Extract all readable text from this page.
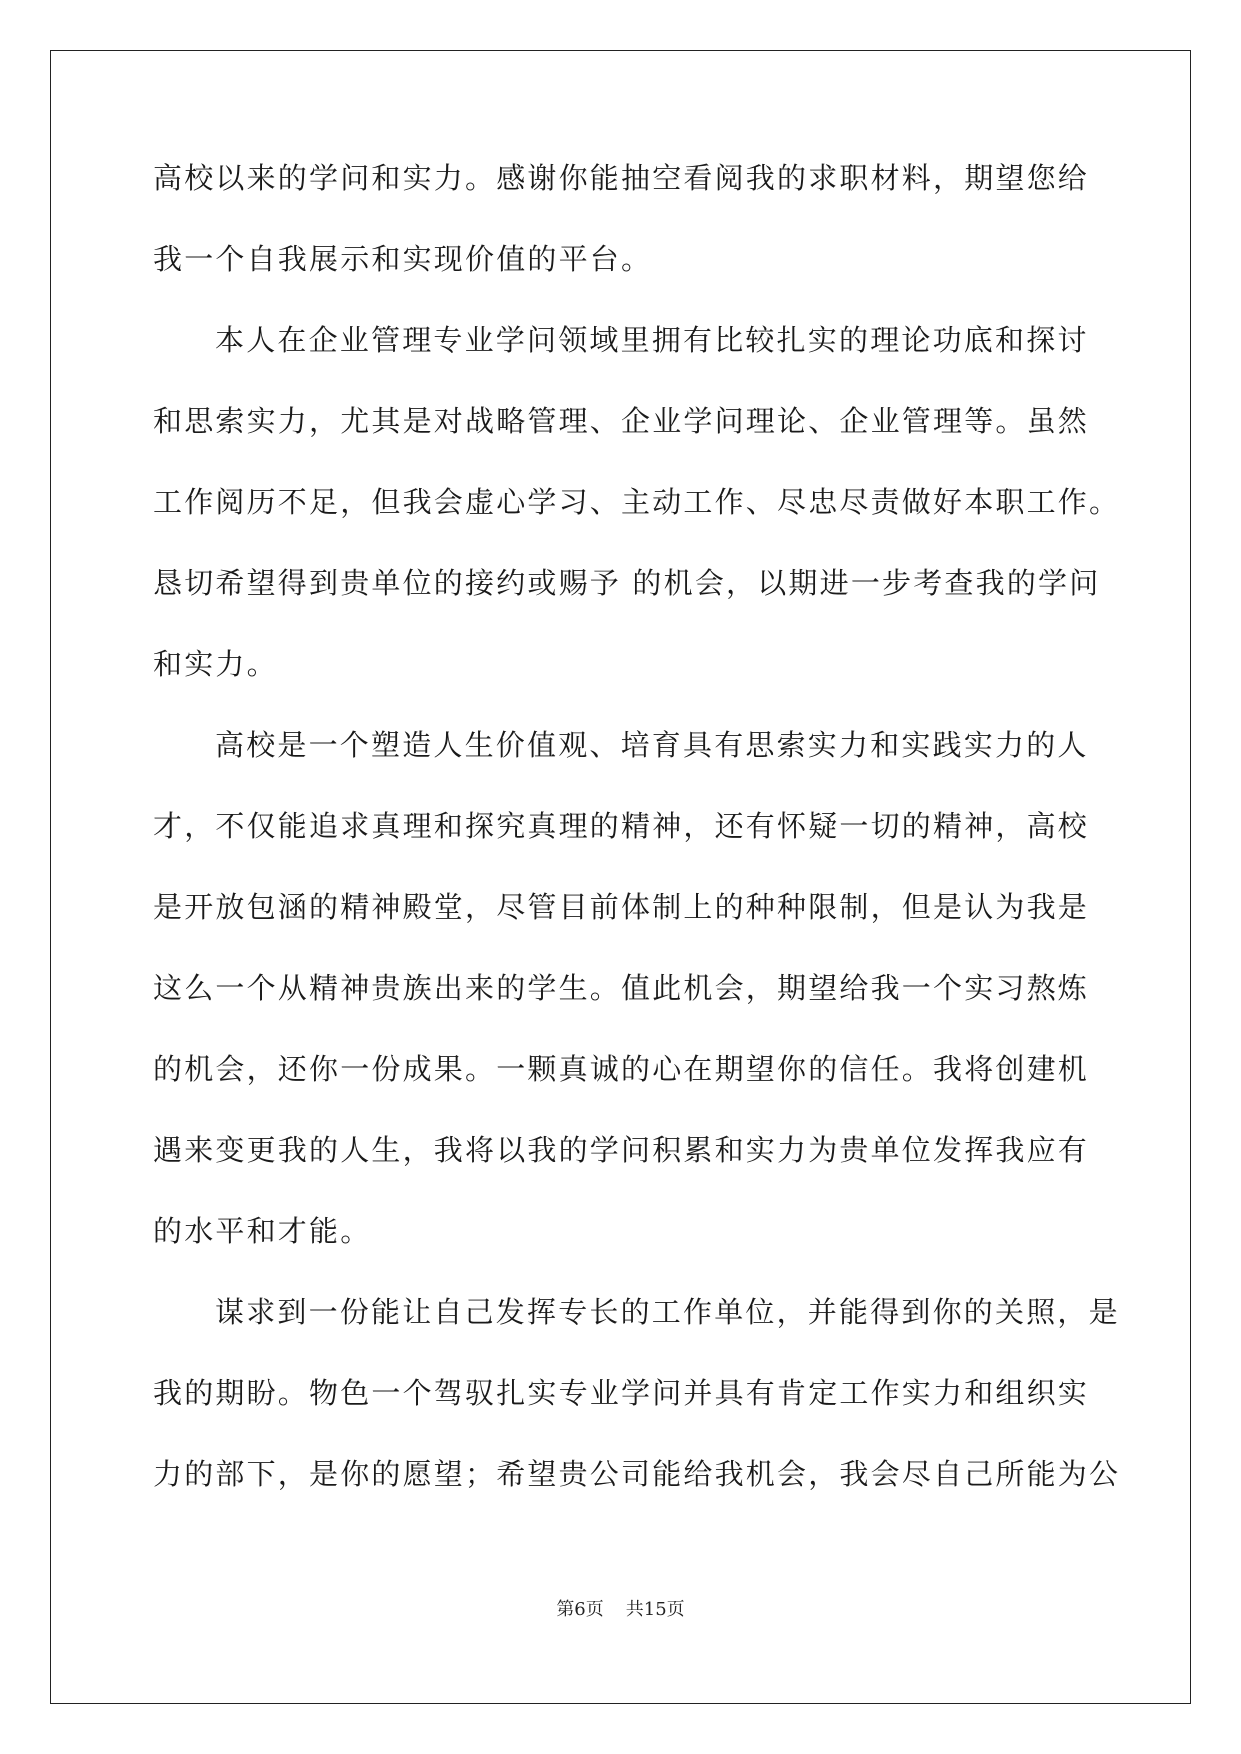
高校以来的学问和实力。感谢你能抽空看阅我的求职材料，期望您给
我一个自我展示和实现价值的平台。
本人在企业管理专业学问领域里拥有比较扎实的理论功底和探讨
和思索实力，尤其是对战略管理、企业学问理论、企业管理等。虽然
工作阅历不足，但我会虚心学习、主动工作、尽忠尽责做好本职工作。
恳切希望得到贵单位的接约或赐予 的机会，以期进一步考查我的学问
和实力。
高校是一个塑造人生价值观、培育具有思索实力和实践实力的人
才，不仅能追求真理和探究真理的精神，还有怀疑一切的精神，高校
是开放包涵的精神殿堂，尽管目前体制上的种种限制，但是认为我是
这么一个从精神贵族出来的学生。值此机会，期望给我一个实习熬炼
的机会，还你一份成果。一颗真诚的心在期望你的信任。我将创建机
遇来变更我的人生，我将以我的学问积累和实力为贵单位发挥我应有
的水平和才能。
谋求到一份能让自己发挥专长的工作单位，并能得到你的关照，是
我的期盼。物色一个驾驭扎实专业学问并具有肯定工作实力和组织实
力的部下，是你的愿望；希望贵公司能给我机会，我会尽自己所能为公
第6页 共15页
